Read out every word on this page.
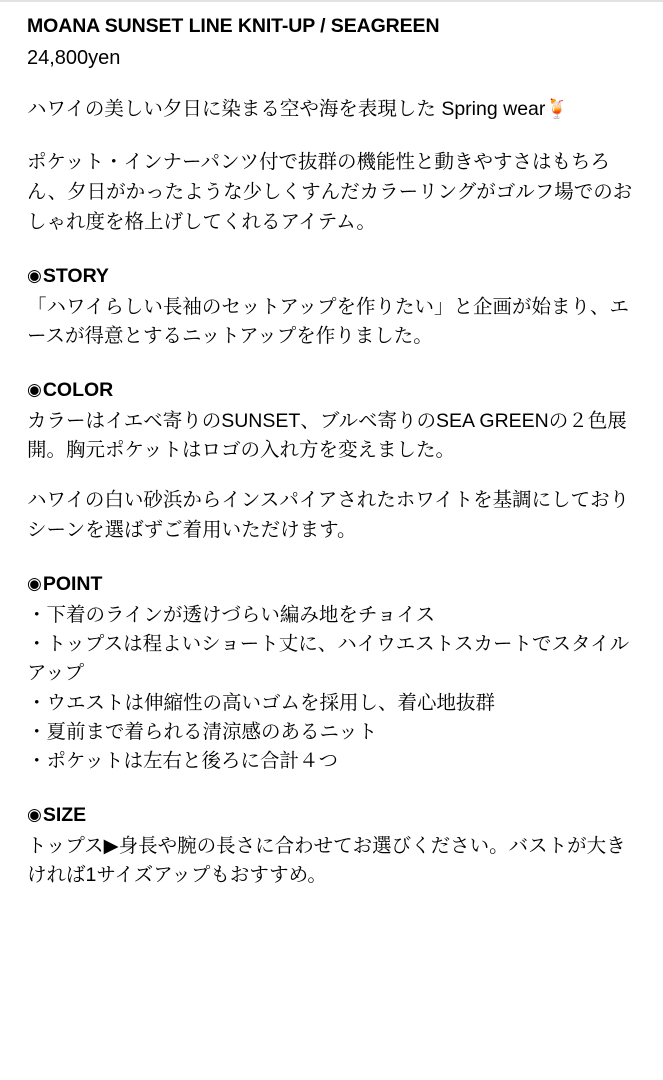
MOANA SUNSET LINE KNIT-UP / SEAGREEN
24,800yen

ハワイの美しい夕日に染まる空や海を表現した Spring wear🍹

ポケット・インナーパンツ付で抜群の機能性と動きやすさはもちろん、夕日がかったような少しくすんだカラーリングがゴルフ場でのおしゃれ度を格上げしてくれるアイテム。

◉STORY

「ハワイらしい長袖のセットアップを作りたい」と企画が始まり、エースが得意とするニットアップを作りました。

◉COLOR

カラーはイエベ寄りのSUNSET、ブルベ寄りのSEA GREENの２色展開。胸元ポケットはロゴの入れ方を変えました。

ハワイの白い砂浜からインスパイアされたホワイトを基調にしておりシーンを選ばずご着用いただけます。

◉POINT
・下着のラインが透けづらい編み地をチョイス
・トップスは程よいショート丈に、ハイウエストスカートでスタイルアップ
・ウエストは伸縮性の高いゴムを採用し、着心地抜群
・夏前まで着られる清涼感のあるニット
・ポケットは左右と後ろに合計４つ
◉SIZE

トップス▶身長や腕の長さに合わせてお選びください。バストが大きければ1サイズアップもおすすめ。
